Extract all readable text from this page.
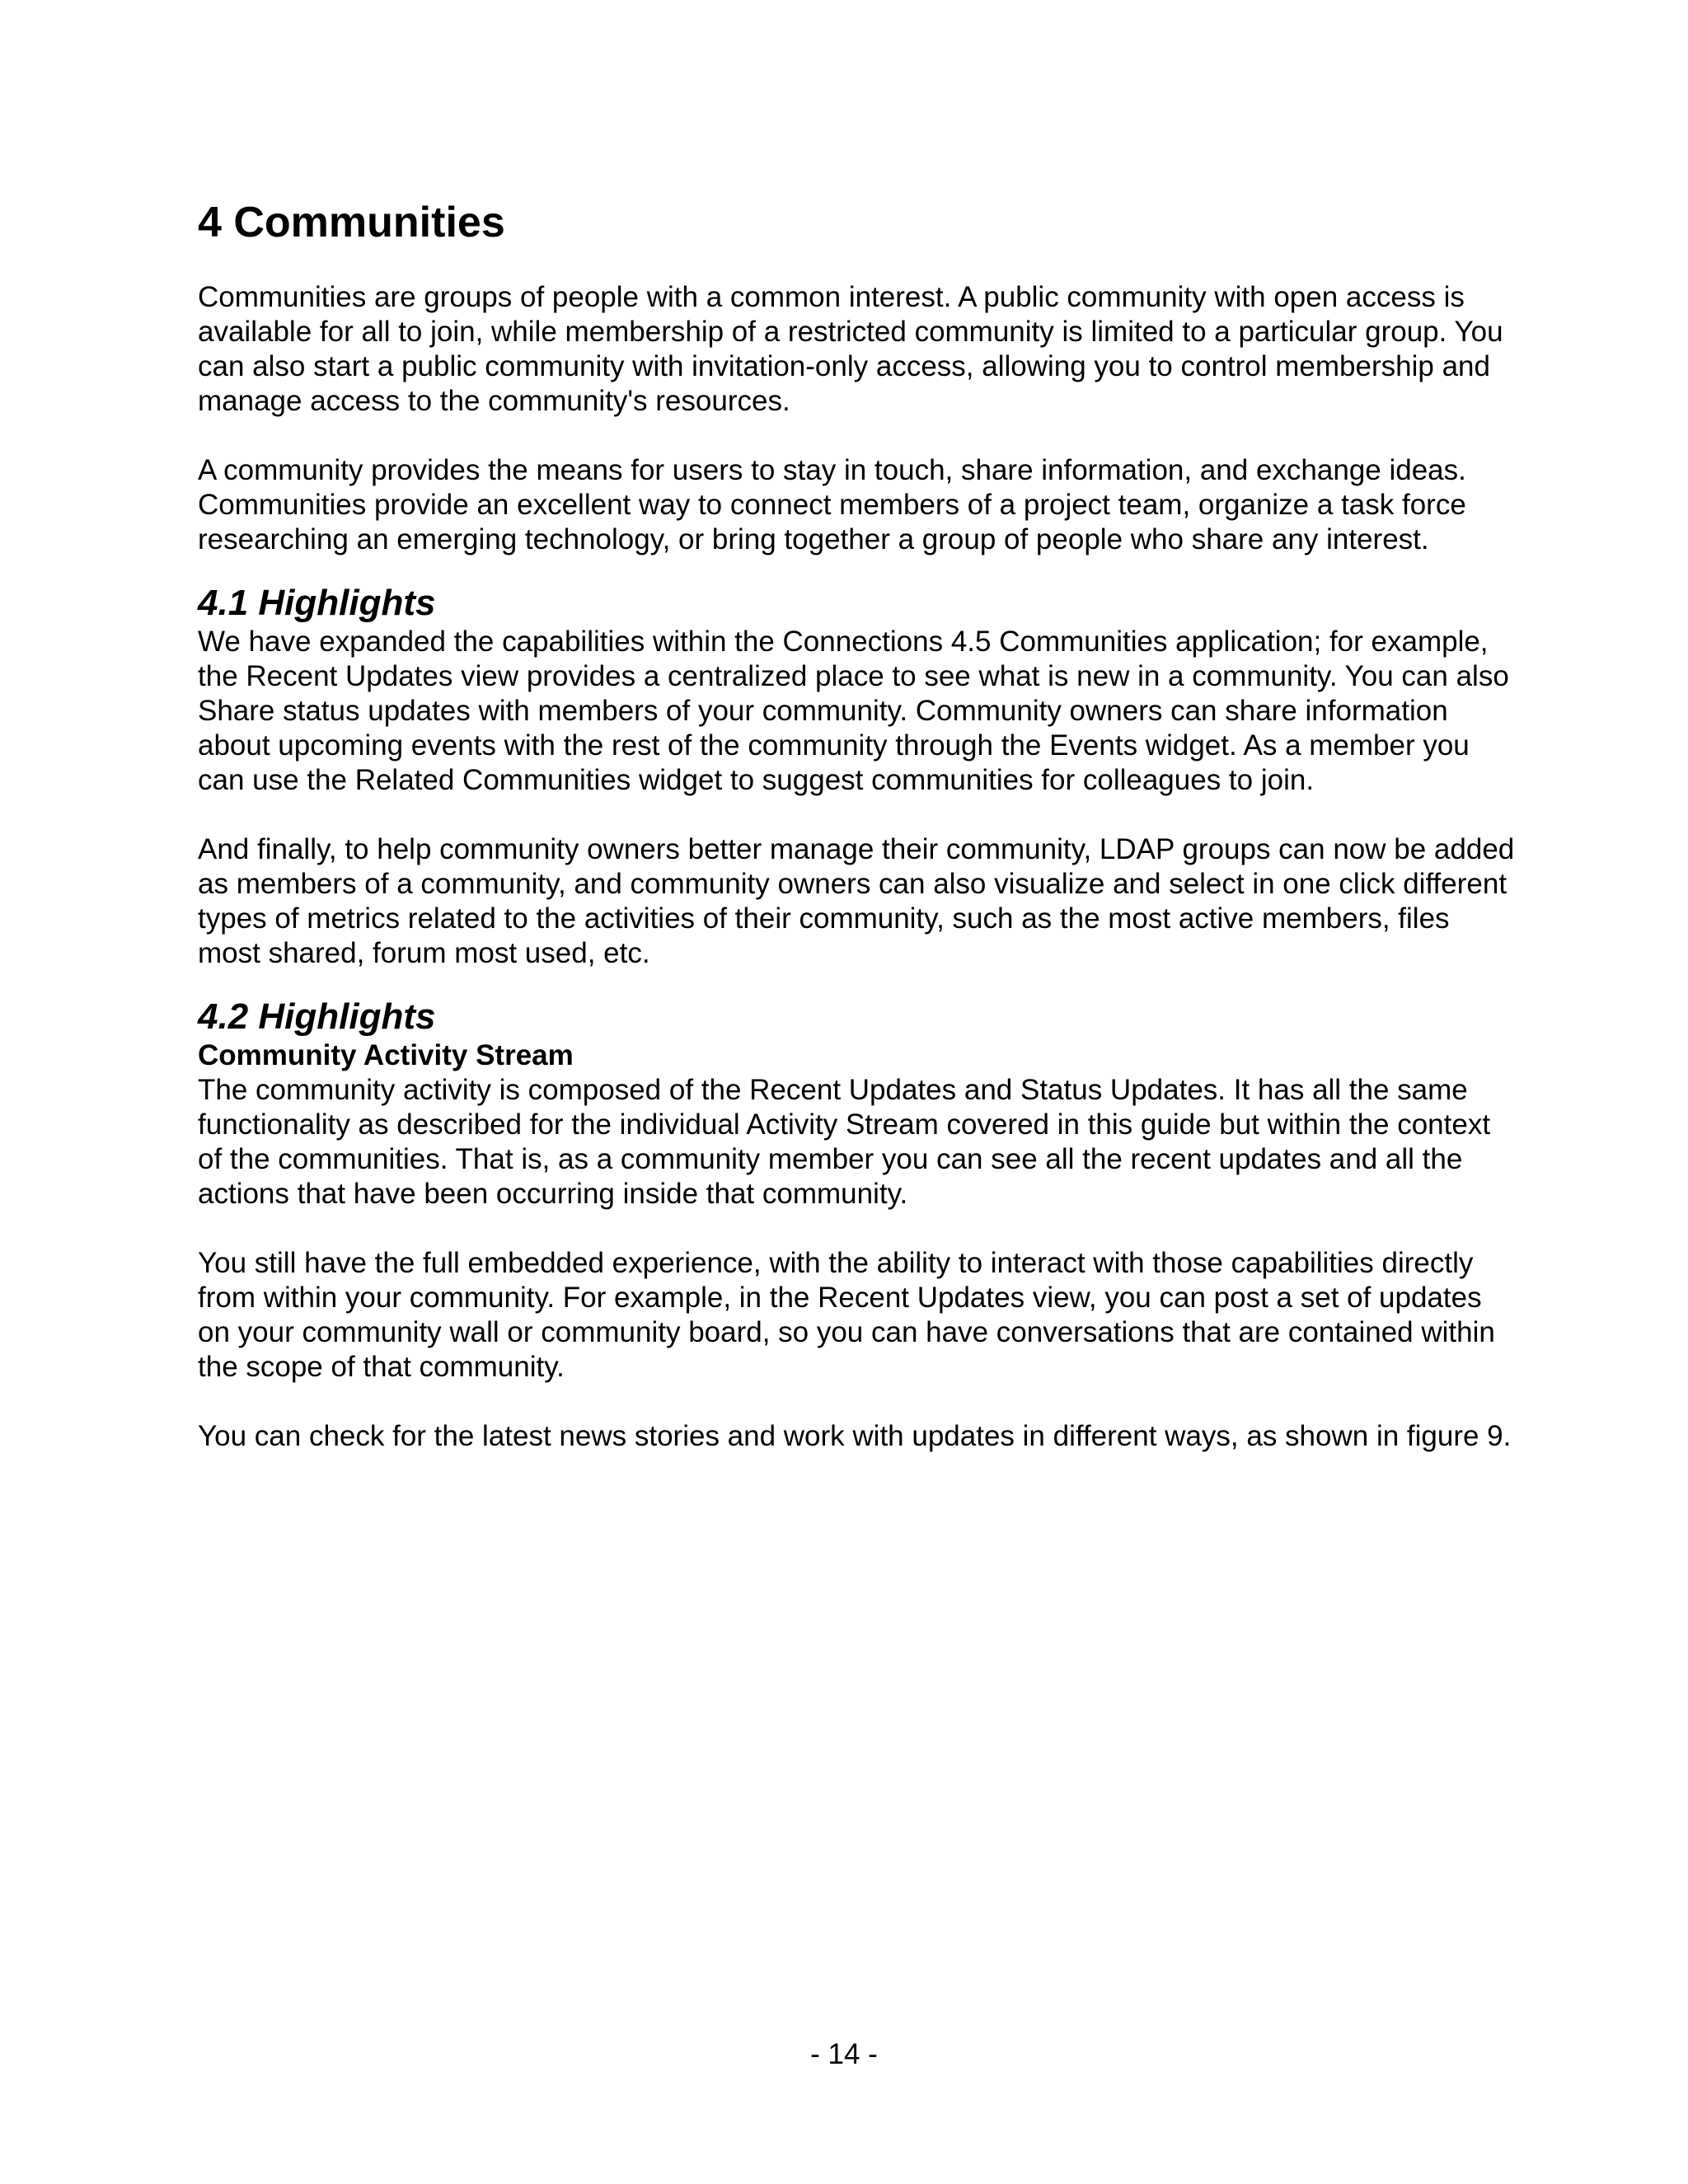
4 Communities

Communities are groups of people with a common interest. A public community with open access is available for all to join, while membership of a restricted community is limited to a particular group. You can also start a public community with invitation-only access, allowing you to control membership and manage access to the community's resources.

A community provides the means for users to stay in touch, share information, and exchange ideas. Communities provide an excellent way to connect members of a project team, organize a task force researching an emerging technology, or bring together a group of people who share any interest.

4.1 Highlights

We have expanded the capabilities within the Connections 4.5 Communities application; for example, the Recent Updates view provides a centralized place to see what is new in a community. You can also Share status updates with members of your community. Community owners can share information about upcoming events with the rest of the community through the Events widget. As a member you can use the Related Communities widget to suggest communities for colleagues to join.

And finally, to help community owners better manage their community, LDAP groups can now be added as members of a community, and community owners can also visualize and select in one click different types of metrics related to the activities of their community, such as the most active members, files most shared, forum most used, etc.

4.2 Highlights
Community Activity Stream

The community activity is composed of the Recent Updates and Status Updates. It has all the same functionality as described for the individual Activity Stream covered in this guide but within the context of the communities. That is, as a community member you can see all the recent updates and all the actions that have been occurring inside that community.

You still have the full embedded experience, with the ability to interact with those capabilities directly from within your community. For example, in the Recent Updates view, you can post a set of updates on your community wall or community board, so you can have conversations that are contained within the scope of that community.

You can check for the latest news stories and work with updates in different ways, as shown in figure 9.

- 14 -
